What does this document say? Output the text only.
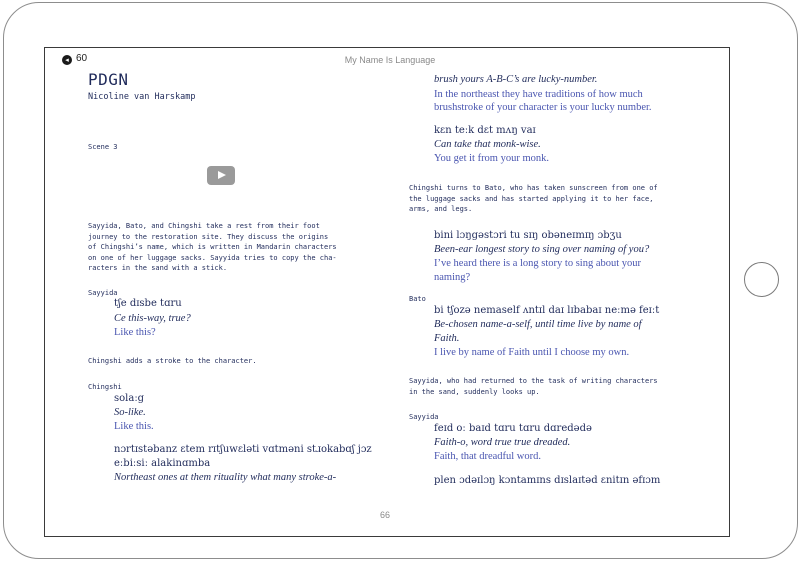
◂ 60	My Name Is Language
PDGN
Nicoline van Harskamp
Scene 3
Sayyida, Bato, and Chingshi take a rest from their foot
journey to the restoration site. They discuss the origins
of Chingshi’s name, which is written in Mandarin characters
on one of her luggage sacks. Sayyida tries to copy the cha-
racters in the sand with a stick.
Sayyida
tʃe dɪsbe tɑru
Ce this-way, true?
Like this?
Chingshi adds a stroke to the character.
Chingshi
solaːg
So-like.
Like this.
nɔrtɪstəbanz ɛtem rɪtʃuwɛləti vɑtməni stɹokabɑʃ jɔz
eːbiːsiː alakinɑmba
Northeast ones at them rituality what many stroke-a-
brush yours A-B-C’s are lucky-number.
In the northeast they have traditions of how much
brushstroke of your character is your lucky number.
kɛn teːk dɛt mʌŋ vaɪ
Can take that monk-wise.
You get it from your monk.
Chingshi turns to Bato, who has taken sunscreen from one of
the luggage sacks and has started applying it to her face,
arms, and legs.
bini lɔŋgəstɔri tu sɪŋ obəneɪmɪŋ ɔbʒu
Been-ear longest story to sing over naming of you?
I’ve heard there is a long story to sing about your
naming?
Bato
bi tʃozə nemaself ʌntɪl daɪ lɪbabaɪ neːmə feɪːt
Be-chosen name-a-self, until time live by name of
Faith.
I live by name of Faith until I choose my own.
Sayyida, who had returned to the task of writing characters
in the sand, suddenly looks up.
Sayyida
feɪd oː baɪd tɑru tɑru dɑredədə
Faith-o, word true true dreaded.
Faith, that dreadful word.
plen ɔdəɪlɔŋ kɔntamɪns dɪslaɪtəd ɛnitɪn əfɪɔm
66
